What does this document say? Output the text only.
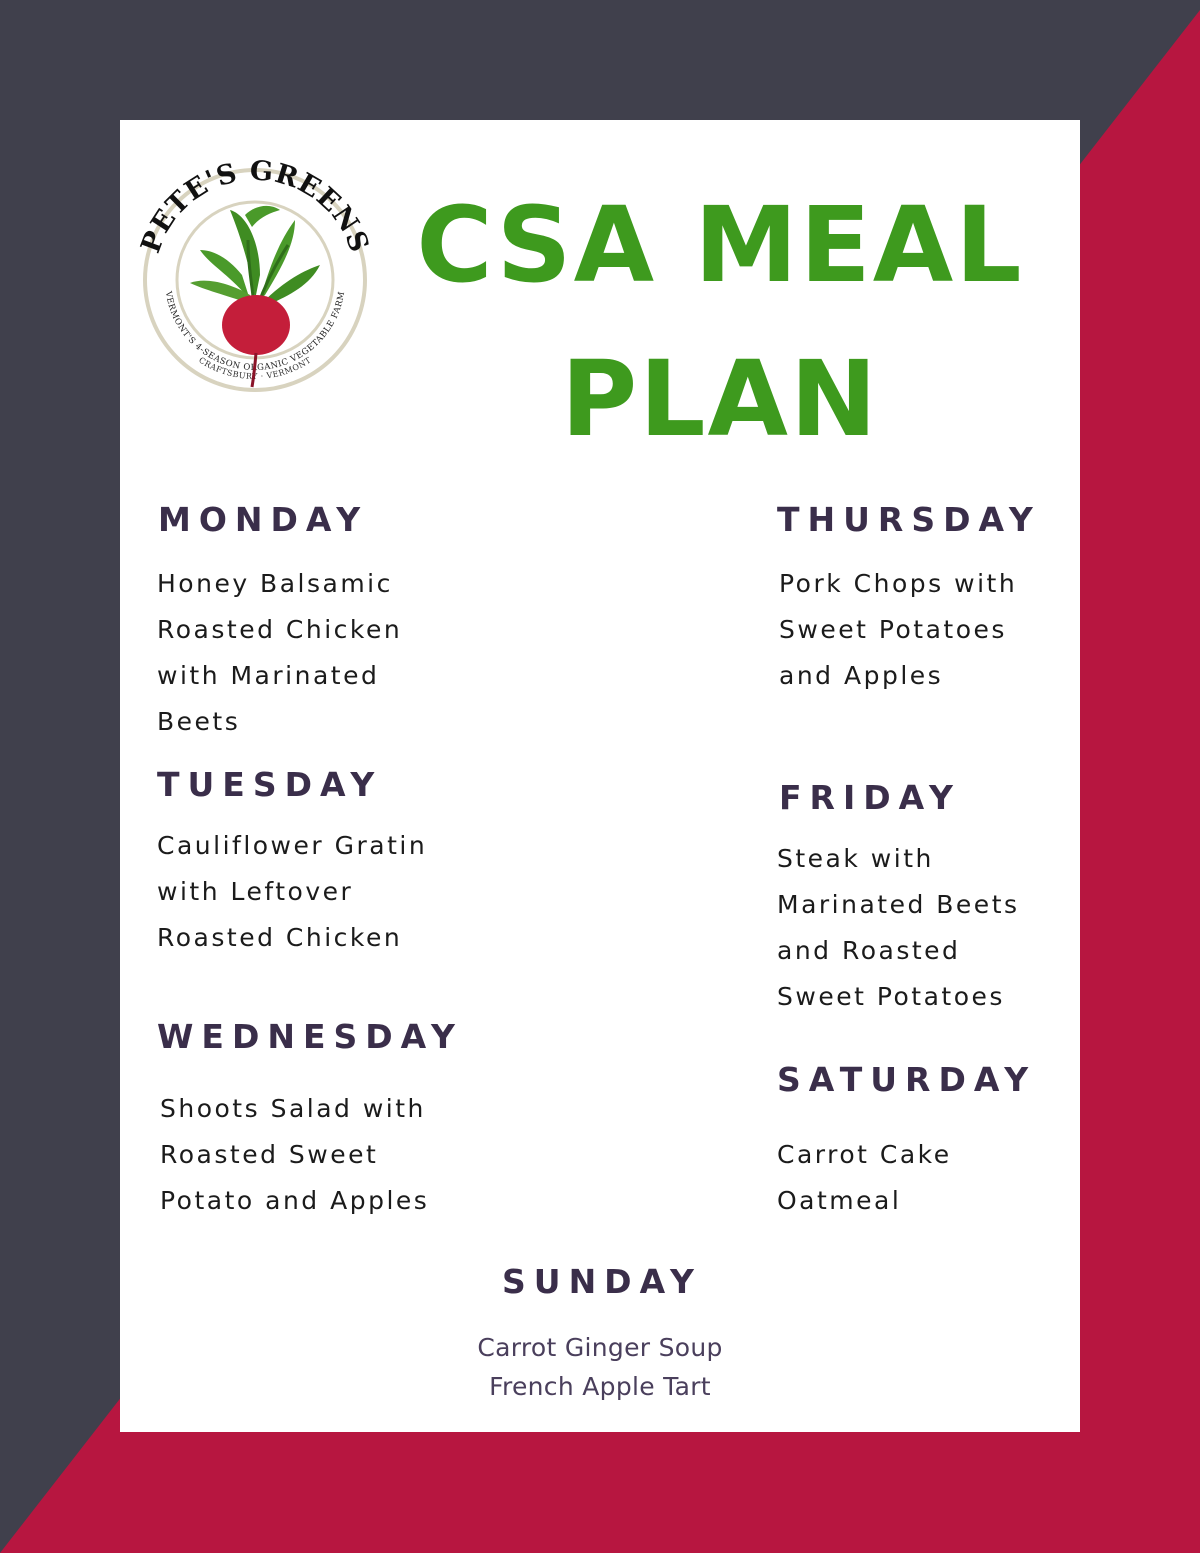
PETE'S GREENS
VERMONT'S 4-SEASON ORGANIC VEGETABLE FARM
CRAFTSBURY · VERMONT
CSA MEAL
PLAN
MONDAY
Honey Balsamic
Roasted Chicken
with Marinated
Beets
TUESDAY
Cauliflower Gratin
with Leftover
Roasted Chicken
WEDNESDAY
Shoots Salad with
Roasted Sweet
Potato and Apples
THURSDAY
Pork Chops with
Sweet Potatoes
and Apples
FRIDAY
Steak with
Marinated Beets
and Roasted
Sweet Potatoes
SATURDAY
Carrot Cake
Oatmeal
SUNDAY
Carrot Ginger Soup
French Apple Tart
